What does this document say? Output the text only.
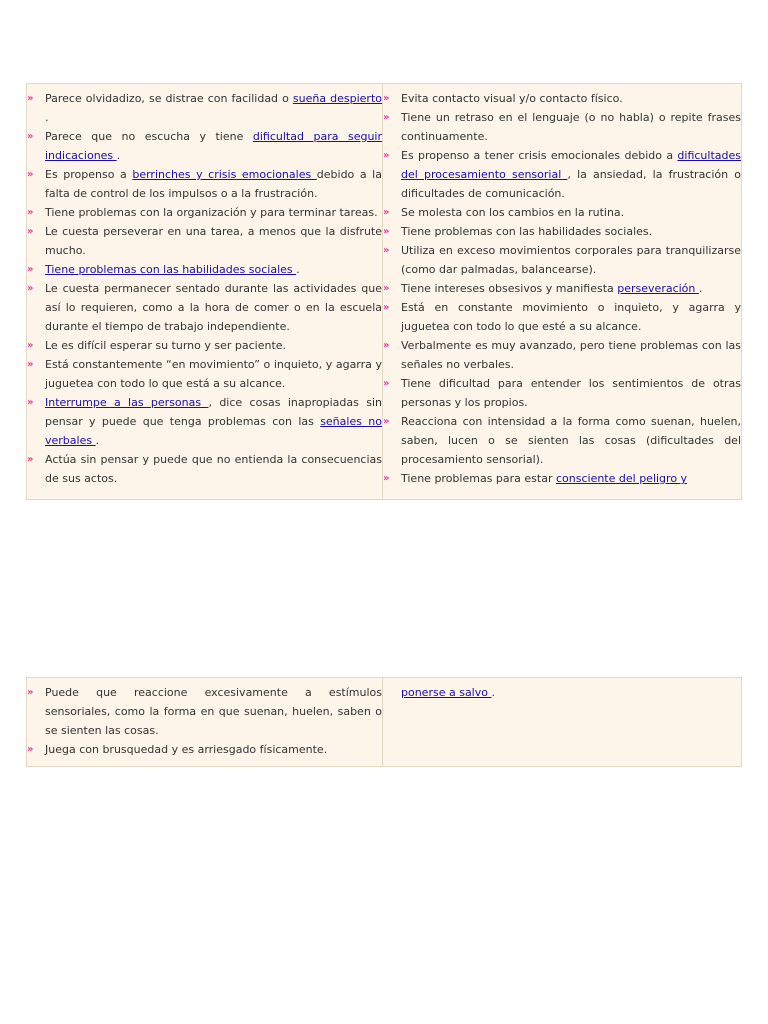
»	Parece olvidadizo, se distrae con facilidad o sueña despierto .
»	Parece que no escucha y tiene dificultad para seguir indicaciones .
»	Es propenso a berrinches y crisis emocionales debido a la falta de control de los impulsos o a la frustración.
»	Tiene problemas con la organización y para terminar tareas.
»	Le cuesta perseverar en una tarea, a menos que la disfrute mucho.
»	Tiene problemas con las habilidades sociales .
»	Le cuesta permanecer sentado durante las actividades que así lo requieren, como a la hora de comer o en la escuela durante el tiempo de trabajo independiente.
»	Le es difícil esperar su turno y ser paciente.
»	Está constantemente “en movimiento” o inquieto, y agarra y juguetea con todo lo que está a su alcance.
»	Interrumpe a las personas , dice cosas inapropiadas sin pensar y puede que tenga problemas con las señales no verbales .
»	Actúa sin pensar y puede que no entienda la consecuencias de sus actos.
»	Evita contacto visual y/o contacto físico.
»	Tiene un retraso en el lenguaje (o no habla) o repite frases continuamente.
»	Es propenso a tener crisis emocionales debido a dificultades del procesamiento sensorial , la ansiedad, la frustración o dificultades de comunicación.
»	Se molesta con los cambios en la rutina.
»	Tiene problemas con las habilidades sociales.
»	Utiliza en exceso movimientos corporales para tranquilizarse (como dar palmadas, balancearse).
»	Tiene intereses obsesivos y manifiesta perseveración .
»	Está en constante movimiento o inquieto, y agarra y juguetea con todo lo que esté a su alcance.
»	Verbalmente es muy avanzado, pero tiene problemas con las señales no verbales.
»	Tiene dificultad para entender los sentimientos de otras personas y los propios.
»	Reacciona con intensidad a la forma como suenan, huelen, saben, lucen o se sienten las cosas (dificultades del procesamiento sensorial).
»	Tiene problemas para estar consciente del peligro y
»	Puede que reaccione excesivamente a estímulos sensoriales, como la forma en que suenan, huelen, saben o se sienten las cosas.
»	Juega con brusquedad y es arriesgado físicamente.
ponerse a salvo .
